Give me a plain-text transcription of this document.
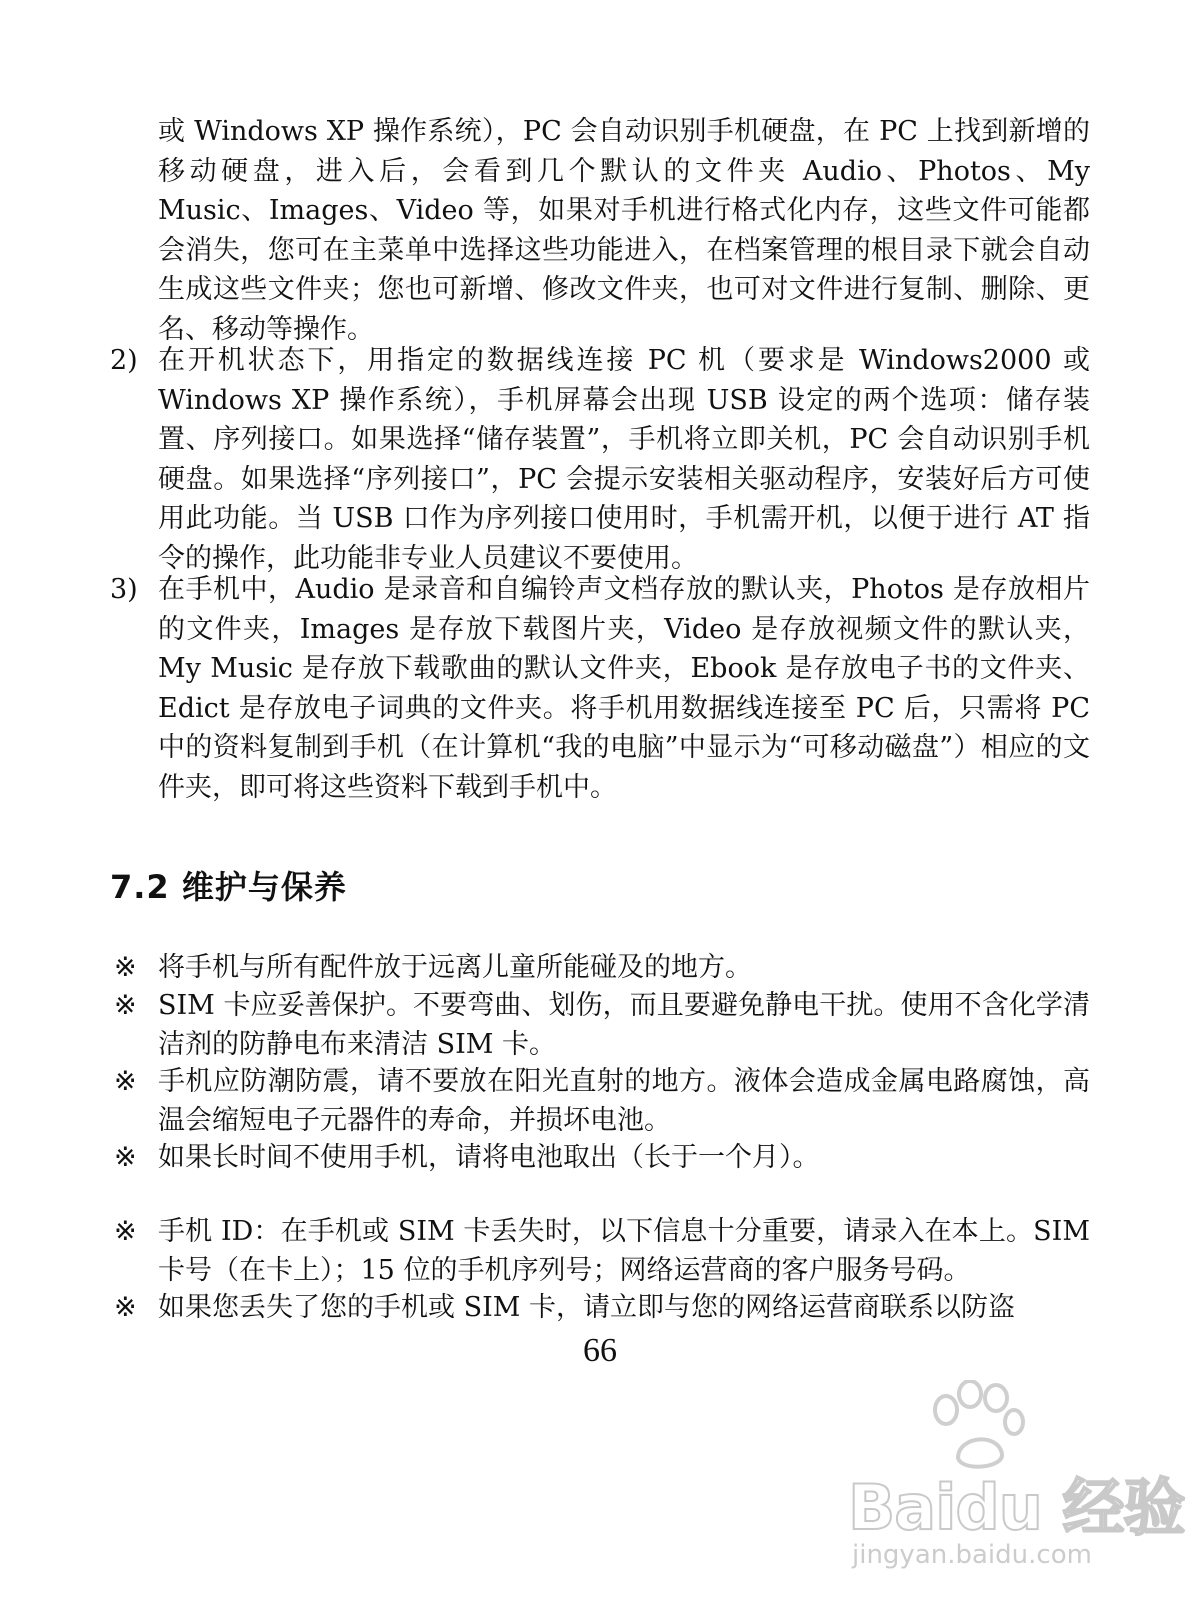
或 Windows XP 操作系统），PC 会自动识别手机硬盘，在 PC 上找到新增的移动硬盘，进入后，会看到几个默认的文件夹 Audio、Photos、My Music、Images、Video 等，如果对手机进行格式化内存，这些文件可能都会消失，您可在主菜单中选择这些功能进入，在档案管理的根目录下就会自动生成这些文件夹；您也可新增、修改文件夹，也可对文件进行复制、删除、更名、移动等操作。

2) 在开机状态下，用指定的数据线连接 PC 机（要求是 Windows2000 或 Windows XP 操作系统），手机屏幕会出现 USB 设定的两个选项：储存装置、序列接口。如果选择“储存装置”，手机将立即关机，PC 会自动识别手机硬盘。如果选择“序列接口”，PC 会提示安装相关驱动程序，安装好后方可使用此功能。当 USB 口作为序列接口使用时，手机需开机，以便于进行 AT 指令的操作，此功能非专业人员建议不要使用。
3) 在手机中，Audio 是录音和自编铃声文档存放的默认夹，Photos 是存放相片的文件夹，Images 是存放下载图片夹，Video 是存放视频文件的默认夹，My Music 是存放下载歌曲的默认文件夹，Ebook 是存放电子书的文件夹、Edict 是存放电子词典的文件夹。将手机用数据线连接至 PC 后，只需将 PC 中的资料复制到手机（在计算机“我的电脑”中显示为“可移动磁盘”）相应的文件夹，即可将这些资料下载到手机中。
7.2 维护与保养
※ 将手机与所有配件放于远离儿童所能碰及的地方。
※ SIM 卡应妥善保护。不要弯曲、划伤，而且要避免静电干扰。使用不含化学清洁剂的防静电布来清洁 SIM 卡。
※ 手机应防潮防震，请不要放在阳光直射的地方。液体会造成金属电路腐蚀，高温会缩短电子元器件的寿命，并损坏电池。
※ 如果长时间不使用手机，请将电池取出（长于一个月）。
※ 手机 ID：在手机或 SIM 卡丢失时，以下信息十分重要，请录入在本上。SIM 卡号（在卡上）；15 位的手机序列号；网络运营商的客户服务号码。
※ 如果您丢失了您的手机或 SIM 卡，请立即与您的网络运营商联系以防盗
66
Baidu 经验
jingyan.baidu.com
